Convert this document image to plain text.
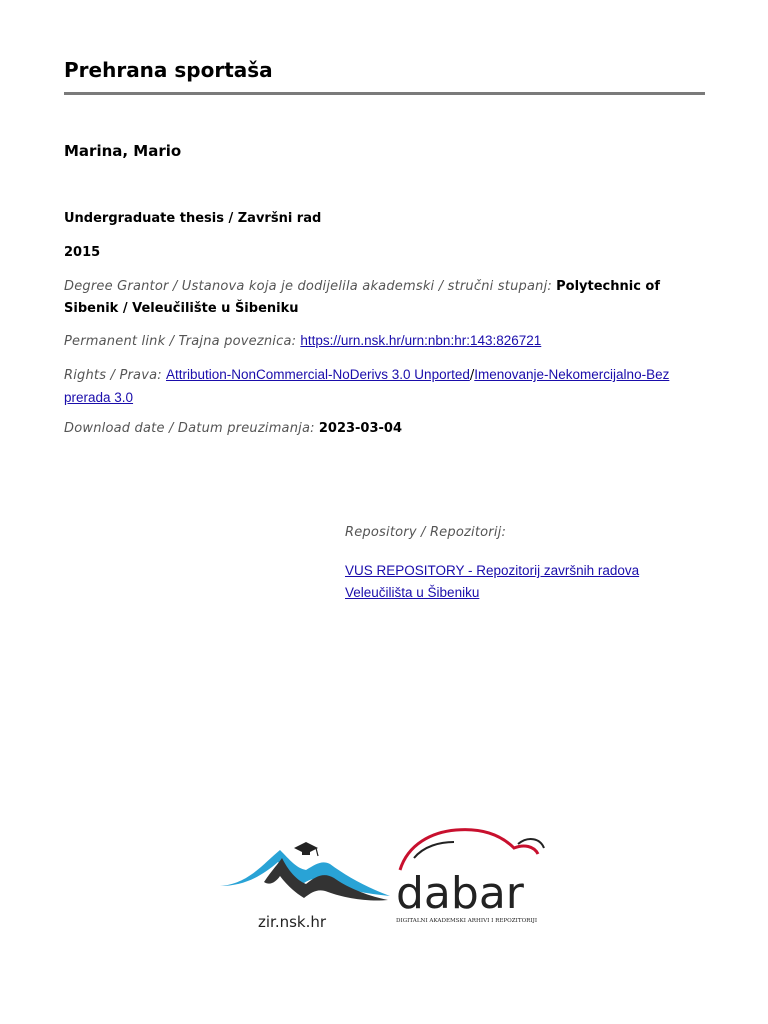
Prehrana sportaša
Marina, Mario
Undergraduate thesis / Završni rad
2015
Degree Grantor / Ustanova koja je dodijelila akademski / stručni stupanj: Polytechnic of Sibenik / Veleučilište u Šibeniku
Permanent link / Trajna poveznica: https://urn.nsk.hr/urn:nbn:hr:143:826721
Rights / Prava: Attribution-NonCommercial-NoDerivs 3.0 Unported/Imenovanje-Nekomercijalno-Bez prerada 3.0
Download date / Datum preuzimanja: 2023-03-04
Repository / Repozitorij:
VUS REPOSITORY - Repozitorij završnih radova Veleučilišta u Šibeniku
zir.nsk.hr
dabar
DIGITALNI AKADEMSKI ARHIVI I REPOZITORIJI
